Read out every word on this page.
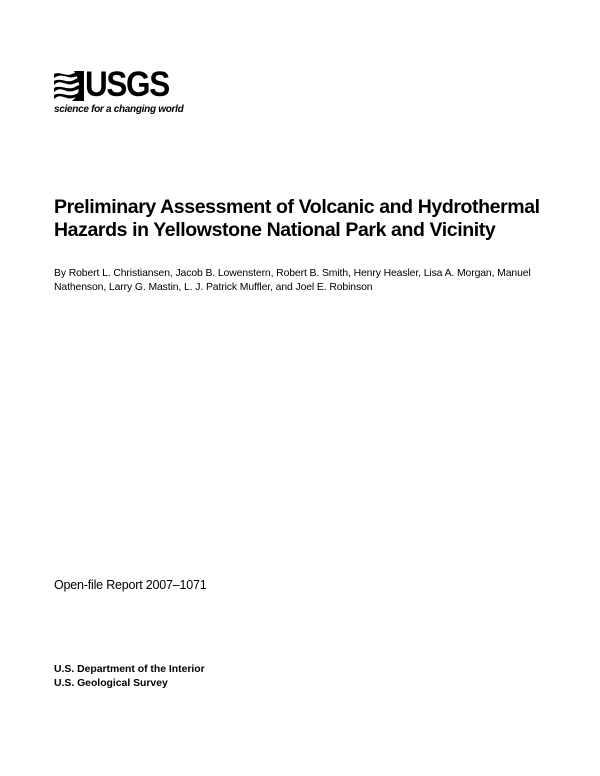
USGS
science for a changing world
Preliminary Assessment of Volcanic and Hydrothermal Hazards in Yellowstone National Park and Vicinity

By Robert L. Christiansen, Jacob B. Lowenstern, Robert B. Smith, Henry Heasler, Lisa A. Morgan, Manuel Nathenson, Larry G. Mastin, L. J. Patrick Muffler, and Joel E. Robinson

Open-file Report 2007–1071

U.S. Department of the Interior
U.S. Geological Survey
